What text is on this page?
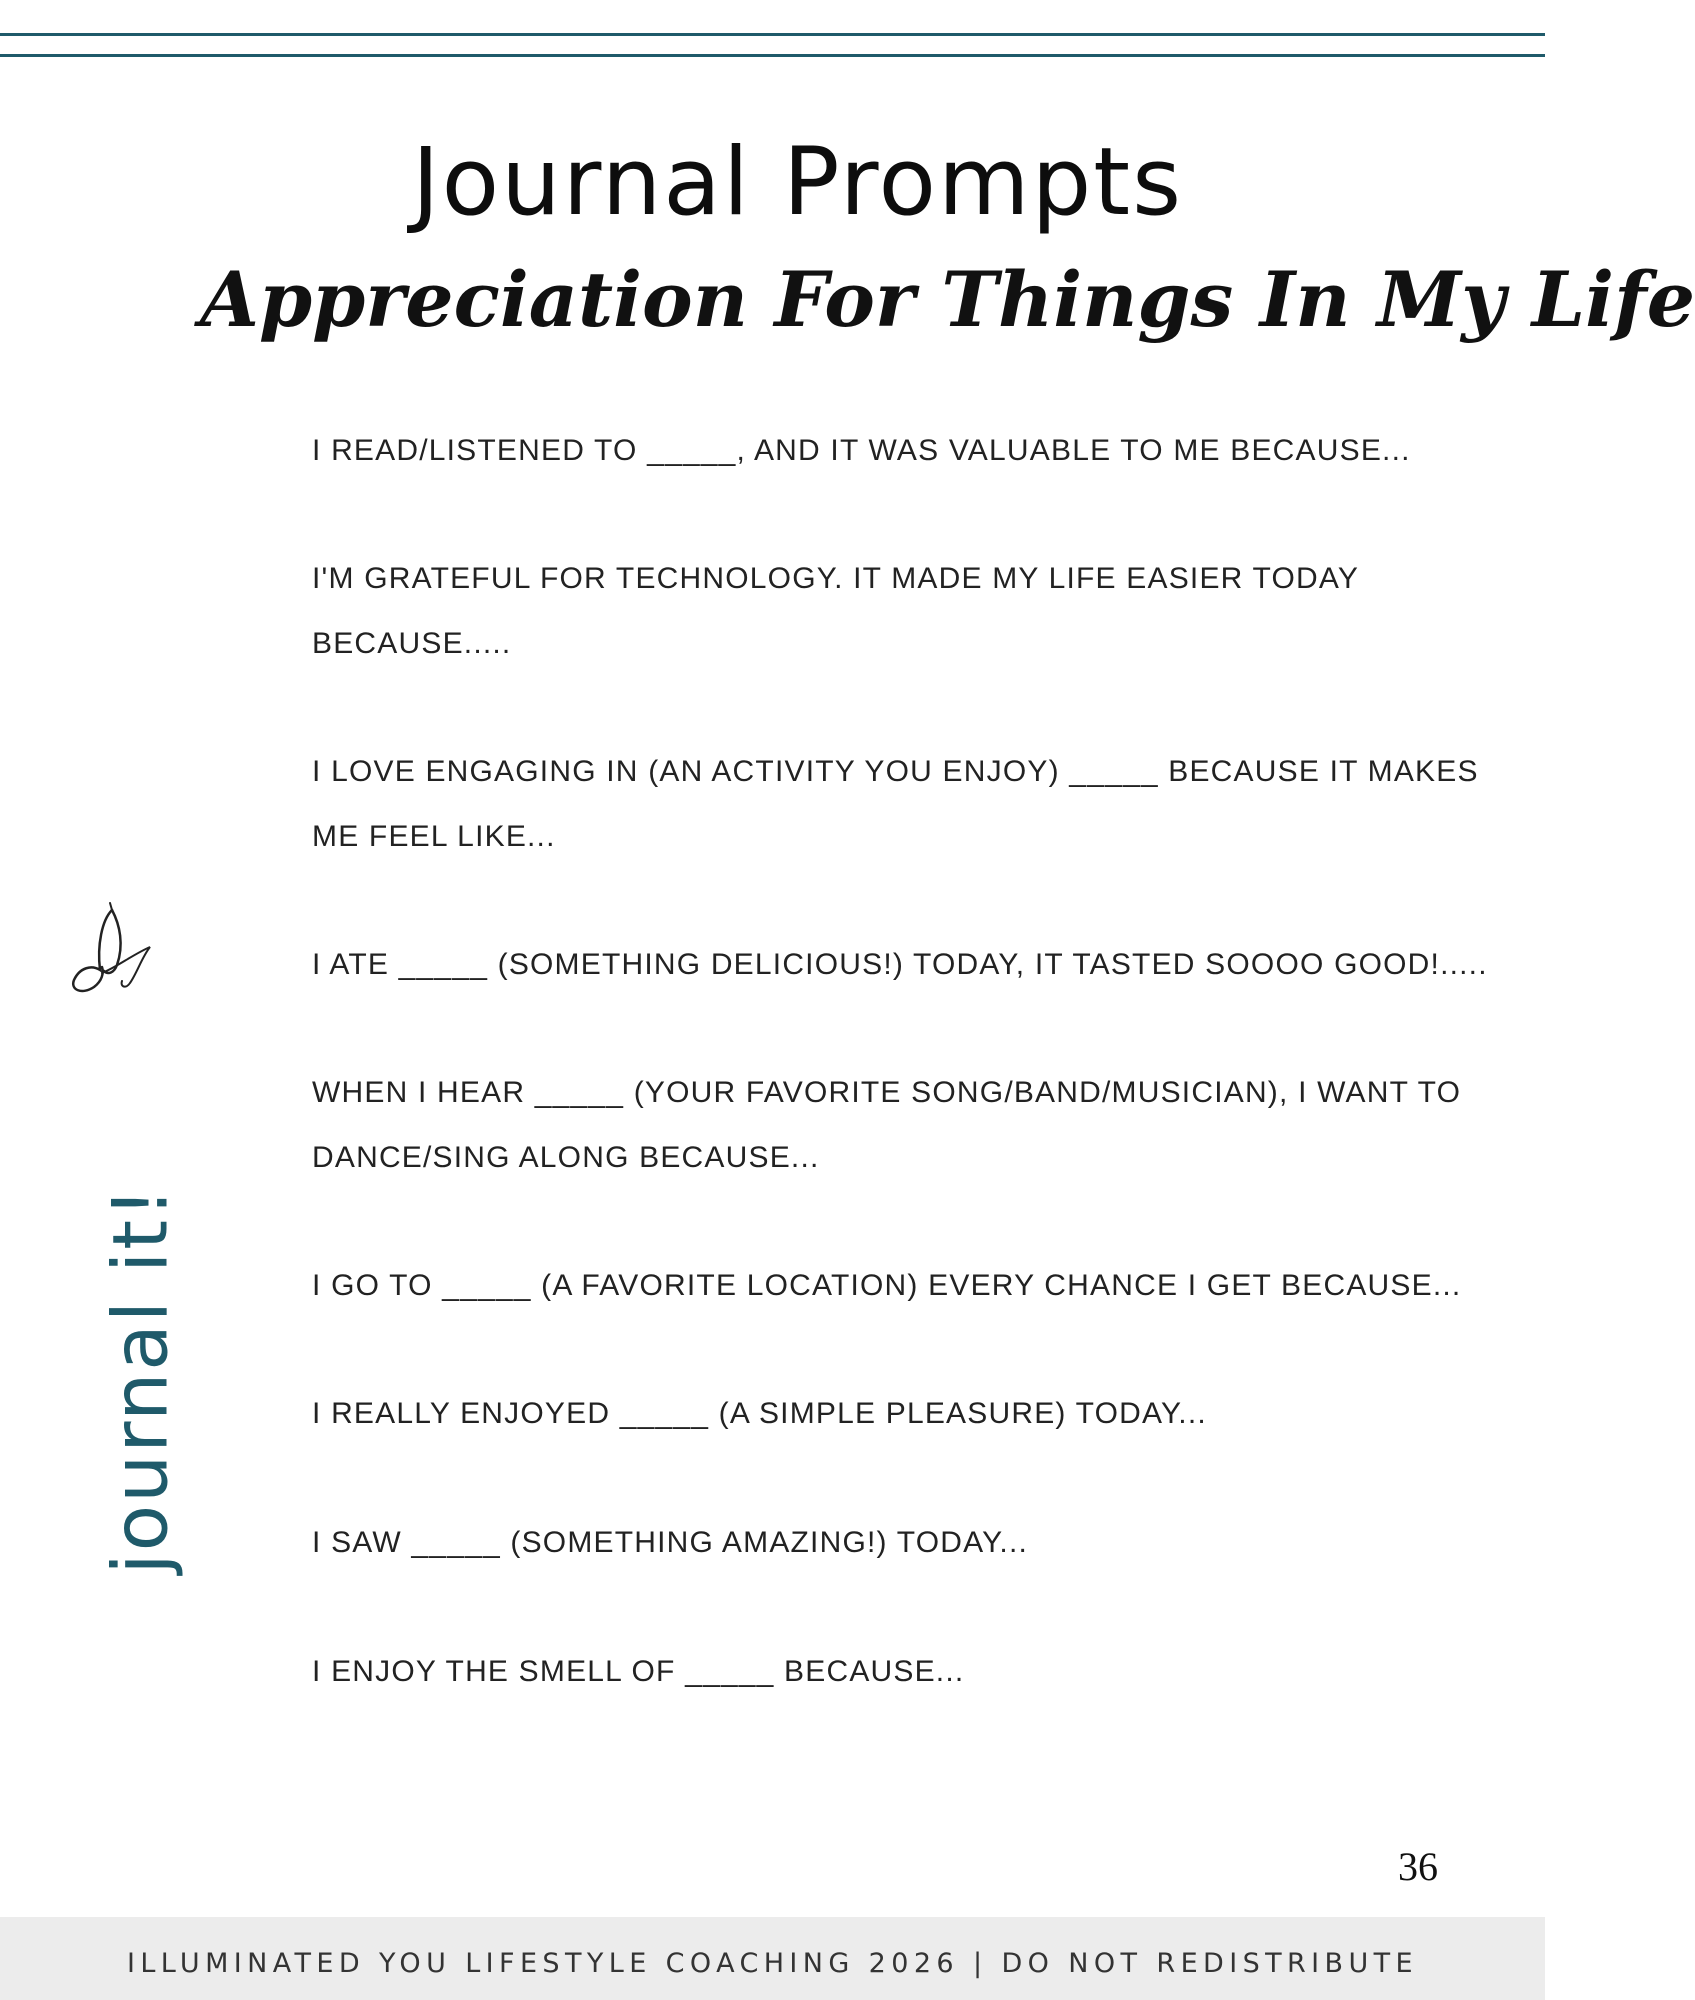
Journal Prompts
Appreciation For Things In My Life
I READ/LISTENED TO _____, AND IT WAS VALUABLE TO ME BECAUSE...
I'M GRATEFUL FOR TECHNOLOGY. IT MADE MY LIFE EASIER TODAY BECAUSE.....
I LOVE ENGAGING IN (AN ACTIVITY YOU ENJOY) _____ BECAUSE IT MAKES ME FEEL LIKE...
I ATE _____ (SOMETHING DELICIOUS!) TODAY, IT TASTED SOOOO GOOD!.....
WHEN I HEAR _____ (YOUR FAVORITE SONG/BAND/MUSICIAN), I WANT TO DANCE/SING ALONG BECAUSE...
I GO TO _____ (A FAVORITE LOCATION) EVERY CHANCE I GET BECAUSE...
I REALLY ENJOYED _____ (A SIMPLE PLEASURE) TODAY...
I SAW _____ (SOMETHING AMAZING!) TODAY...
I ENJOY THE SMELL OF _____ BECAUSE...
journal it!
36
ILLUMINATED YOU LIFESTYLE COACHING 2026 | DO NOT REDISTRIBUTE
